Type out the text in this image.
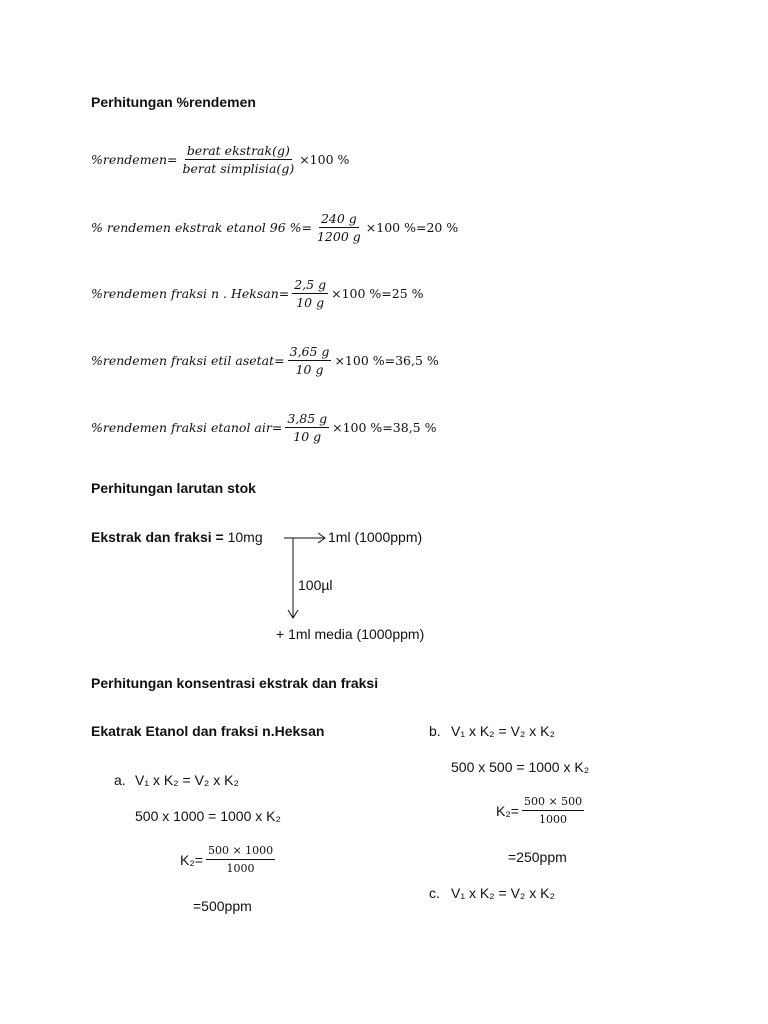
Perhitungan %rendemen
%rendemen= $\frac{\text{berat ekstrak(g)}}{\text{berat simplisia(g)}} \times 100$ %
% rendemen ekstrak etanol 96 %= $\frac{240 g}{1200 g} \times 100$ %=20 %
%rendemen fraksi n . Heksan= $\frac{2,5 g}{10 g} \times 100$ %=25 %
%rendemen fraksi etil asetat= $\frac{3,65 g}{10 g} \times 100$ %=36,5 %
%rendemen fraksi etanol $air= \frac{3,85 g}{10 g} \times 100$ %=38,5 %
Perhitungan larutan stok
Ekstrak dan fraksi = 10mg	1ml (1000ppm)
100µl
+ 1ml media (1000ppm)
Perhitungan konsentrasi ekstrak dan fraksi
Ekatrak Etanol dan fraksi n.Heksan
a. V₁ x K₂ = V₂ x K₂
500 x 1000 = 1000 x K₂
$K_2= \frac{500 \times 1000}{1000}$
=500ppm
b. V₁ x K₂ = V₂ x K₂
500 x 500 = 1000 x K₂
$K_2= \frac{500 \times 500}{1000}$
=250ppm
c. V₁ x K₂ = V₂ x K₂
